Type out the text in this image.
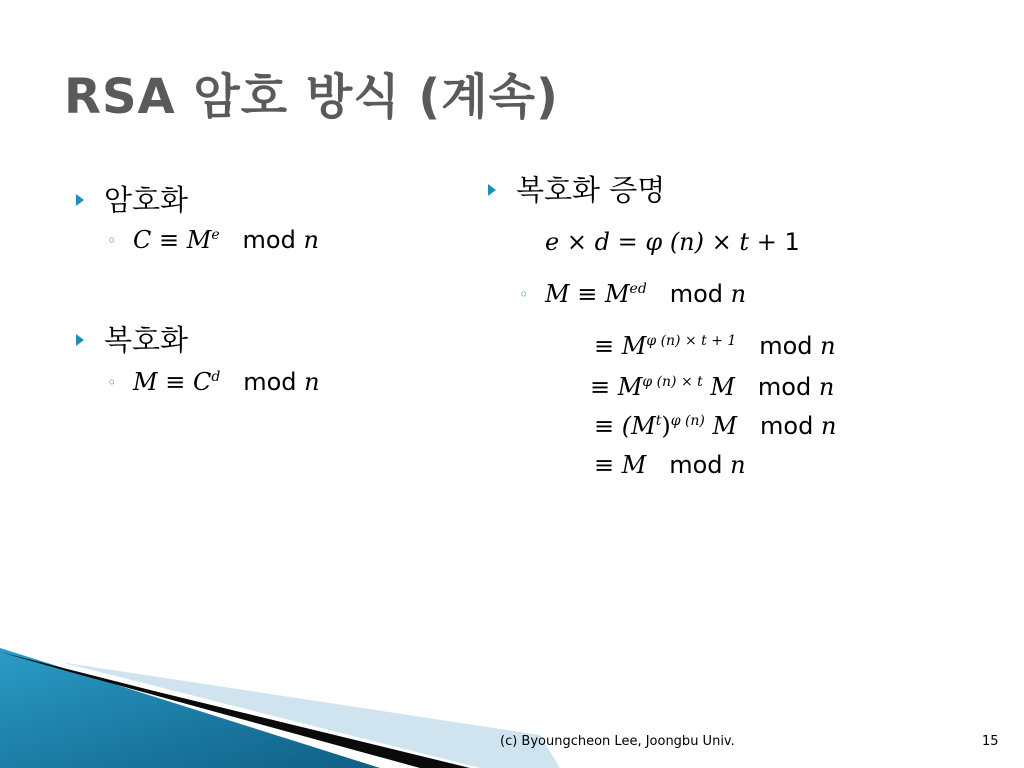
RSA 암호 방식 (계속)
암호화
◦ $C \equiv M^e$ mod n
복호화
◦ $M \equiv C^d$ mod n
복호화 증명
e × d = φ (n) × t + 1
◦ $M \equiv M^{ed}$ mod n
≡ $M^{\varphi (n) \times t + 1}$ mod n
≡ $M^{\varphi (n) \times t}$ M mod n
≡ $(M^t)^{\varphi (n)}$ M mod n
≡ M mod n
(c) Byoungcheon Lee, Joongbu Univ.	15
